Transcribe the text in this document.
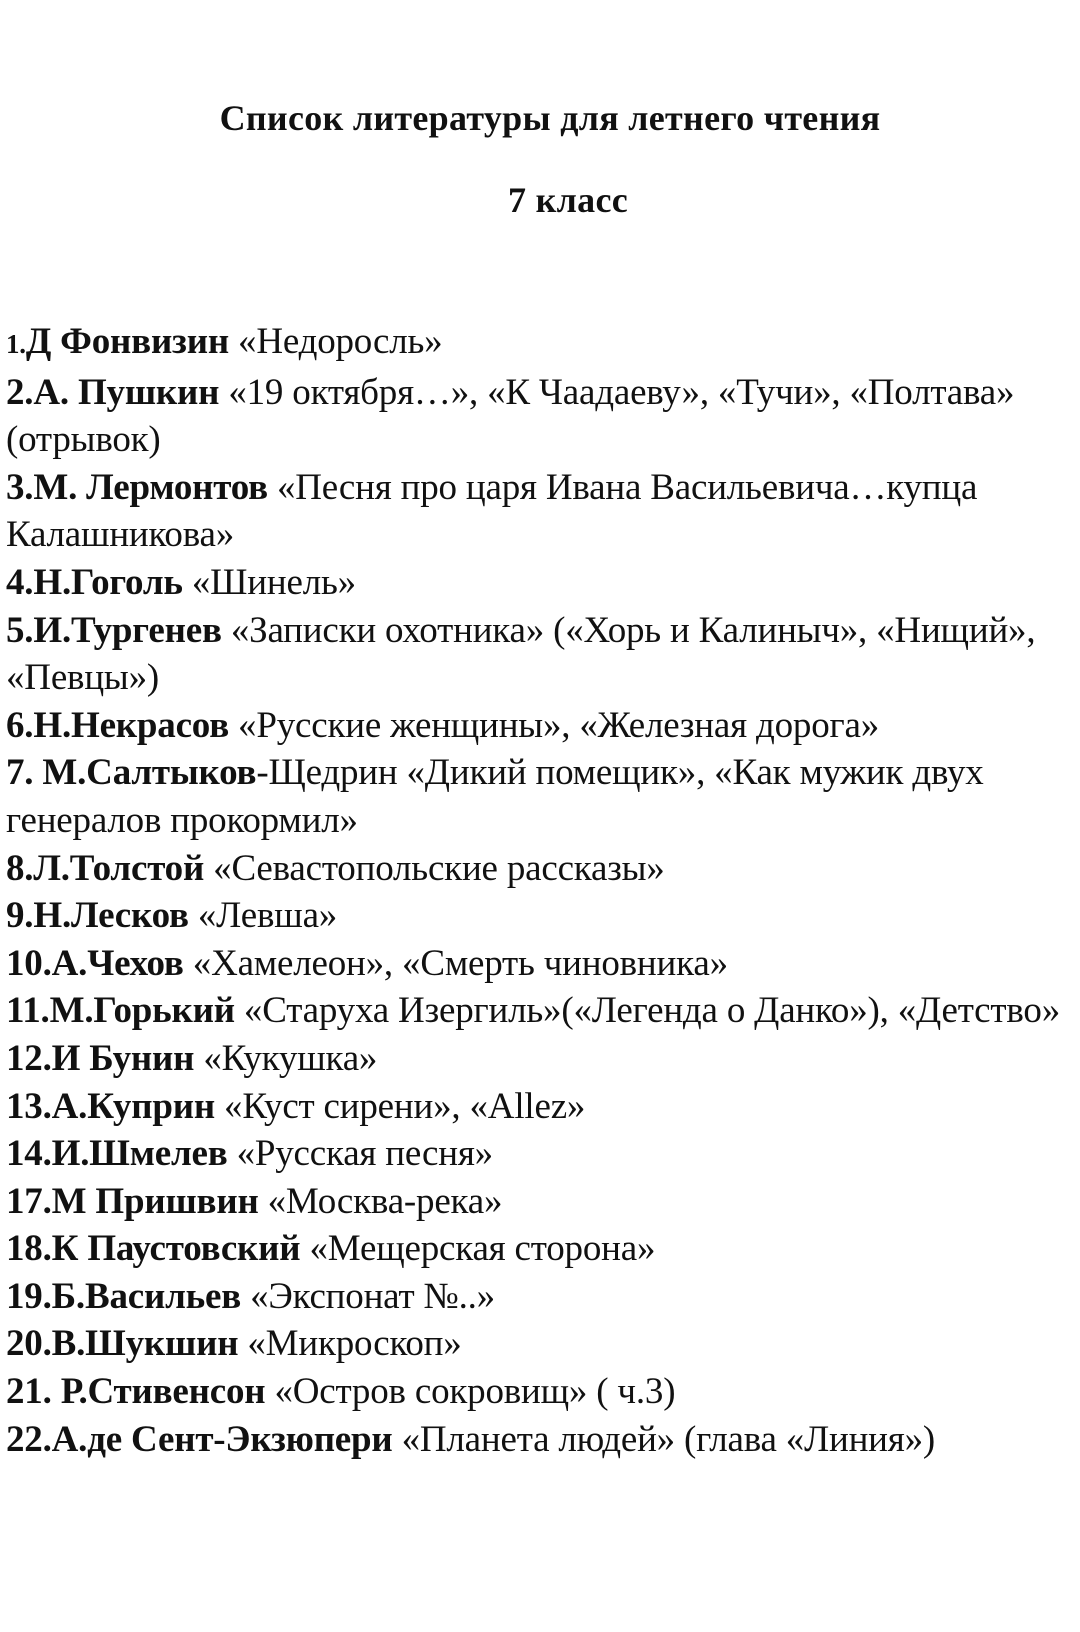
Список литературы для летнего чтения
7 класс
1.Д Фонвизин «Недоросль»
2.А. Пушкин «19 октября…», «К Чаадаеву», «Тучи», «Полтава» (отрывок)
3.М. Лермонтов «Песня про царя Ивана Васильевича…купца Калашникова»
4.Н.Гоголь «Шинель»
5.И.Тургенев «Записки охотника» («Хорь и Калиныч», «Нищий», «Певцы»)
6.Н.Некрасов «Русские женщины», «Железная дорога»
7. М.Салтыков-Щедрин «Дикий помещик», «Как мужик двух генералов прокормил»
8.Л.Толстой «Севастопольские рассказы»
9.Н.Лесков «Левша»
10.А.Чехов «Хамелеон», «Смерть чиновника»
11.М.Горький «Старуха Изергиль»(«Легенда о Данко»), «Детство»
12.И Бунин «Кукушка»
13.А.Куприн «Куст сирени», «Allez»
14.И.Шмелев «Русская песня»
17.М Пришвин «Москва-река»
18.К Паустовский «Мещерская сторона»
19.Б.Васильев «Экспонат №..»
20.В.Шукшин «Микроскоп»
21. Р.Стивенсон «Остров сокровищ» ( ч.3)
22.А.де Сент-Экзюпери «Планета людей» (глава «Линия»)
